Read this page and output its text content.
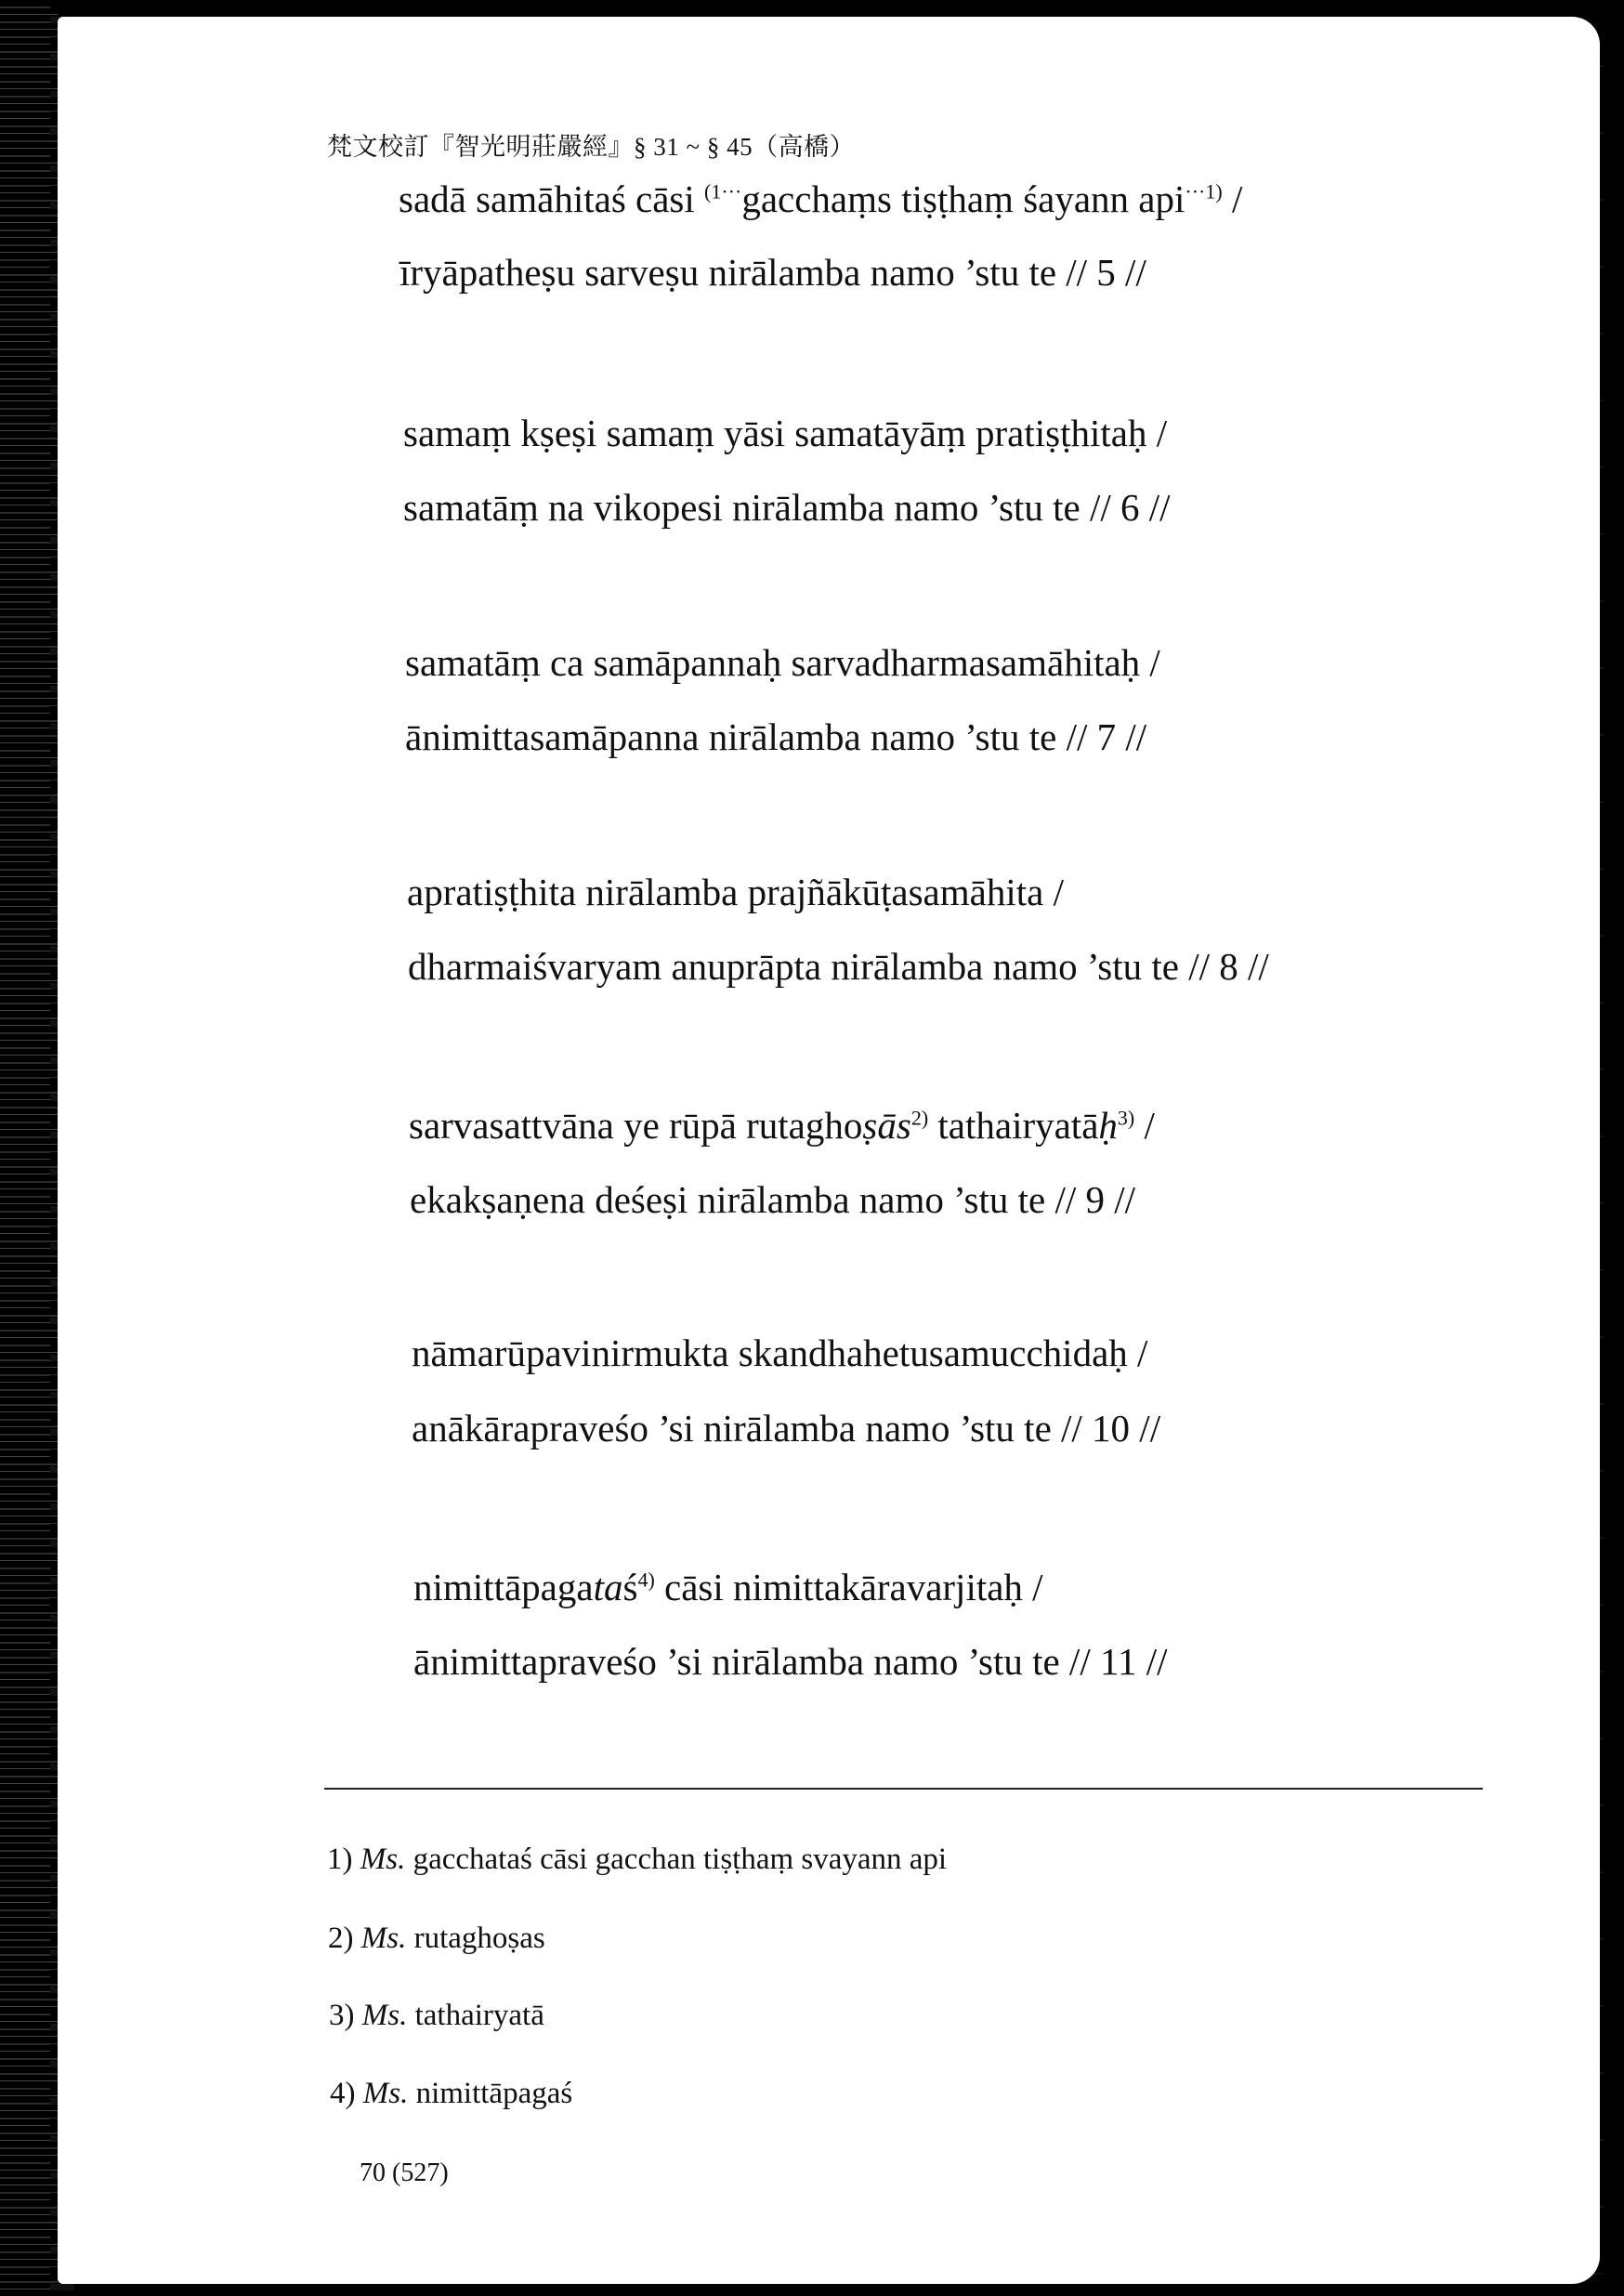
梵文校訂『智光明莊嚴經』§ 31 ~ § 45（高橋）
sadā samāhitaś cāsi $^{(1\cdot\cdot\cdot}$gacchaṃs tiṣṭhaṃ śayann api$^{\cdot\cdot\cdot 1)}$ /
īryāpatheṣu sarveṣu nirālamba namo ’stu te // 5 //
samaṃ kṣeṣi samaṃ yāsi samatāyāṃ pratiṣṭhitaḥ /
samatāṃ na vikopesi nirālamba namo ’stu te // 6 //
samatāṃ ca samāpannaḥ sarvadharmasamāhitaḥ /
ānimittasamāpanna nirālamba namo ’stu te // 7 //
apratiṣṭhita nirālamba prajñākūṭasamāhita /
dharmaiśvaryam anuprāpta nirālamba namo ’stu te // 8 //
sarvasattvāna ye rūpā rutaghoṣās$^{2)}$ tathairyatāḥ$^{3)}$ /
ekakṣaṇena deśeṣi nirālamba namo ’stu te // 9 //
nāmarūpavinirmukta skandhahetusamucchidaḥ /
anākārapraveśo ’si nirālamba namo ’stu te // 10 //
nimittāpagataś$^{4)}$ cāsi nimittakāravarjitaḥ /
ānimittapraveśo ’si nirālamba namo ’stu te // 11 //
1) Ms. gacchataś cāsi gacchan tiṣṭhaṃ svayann api
2) Ms. rutaghoṣas
3) Ms. tathairyatā
4) Ms. nimittāpagaś
70 (527)
